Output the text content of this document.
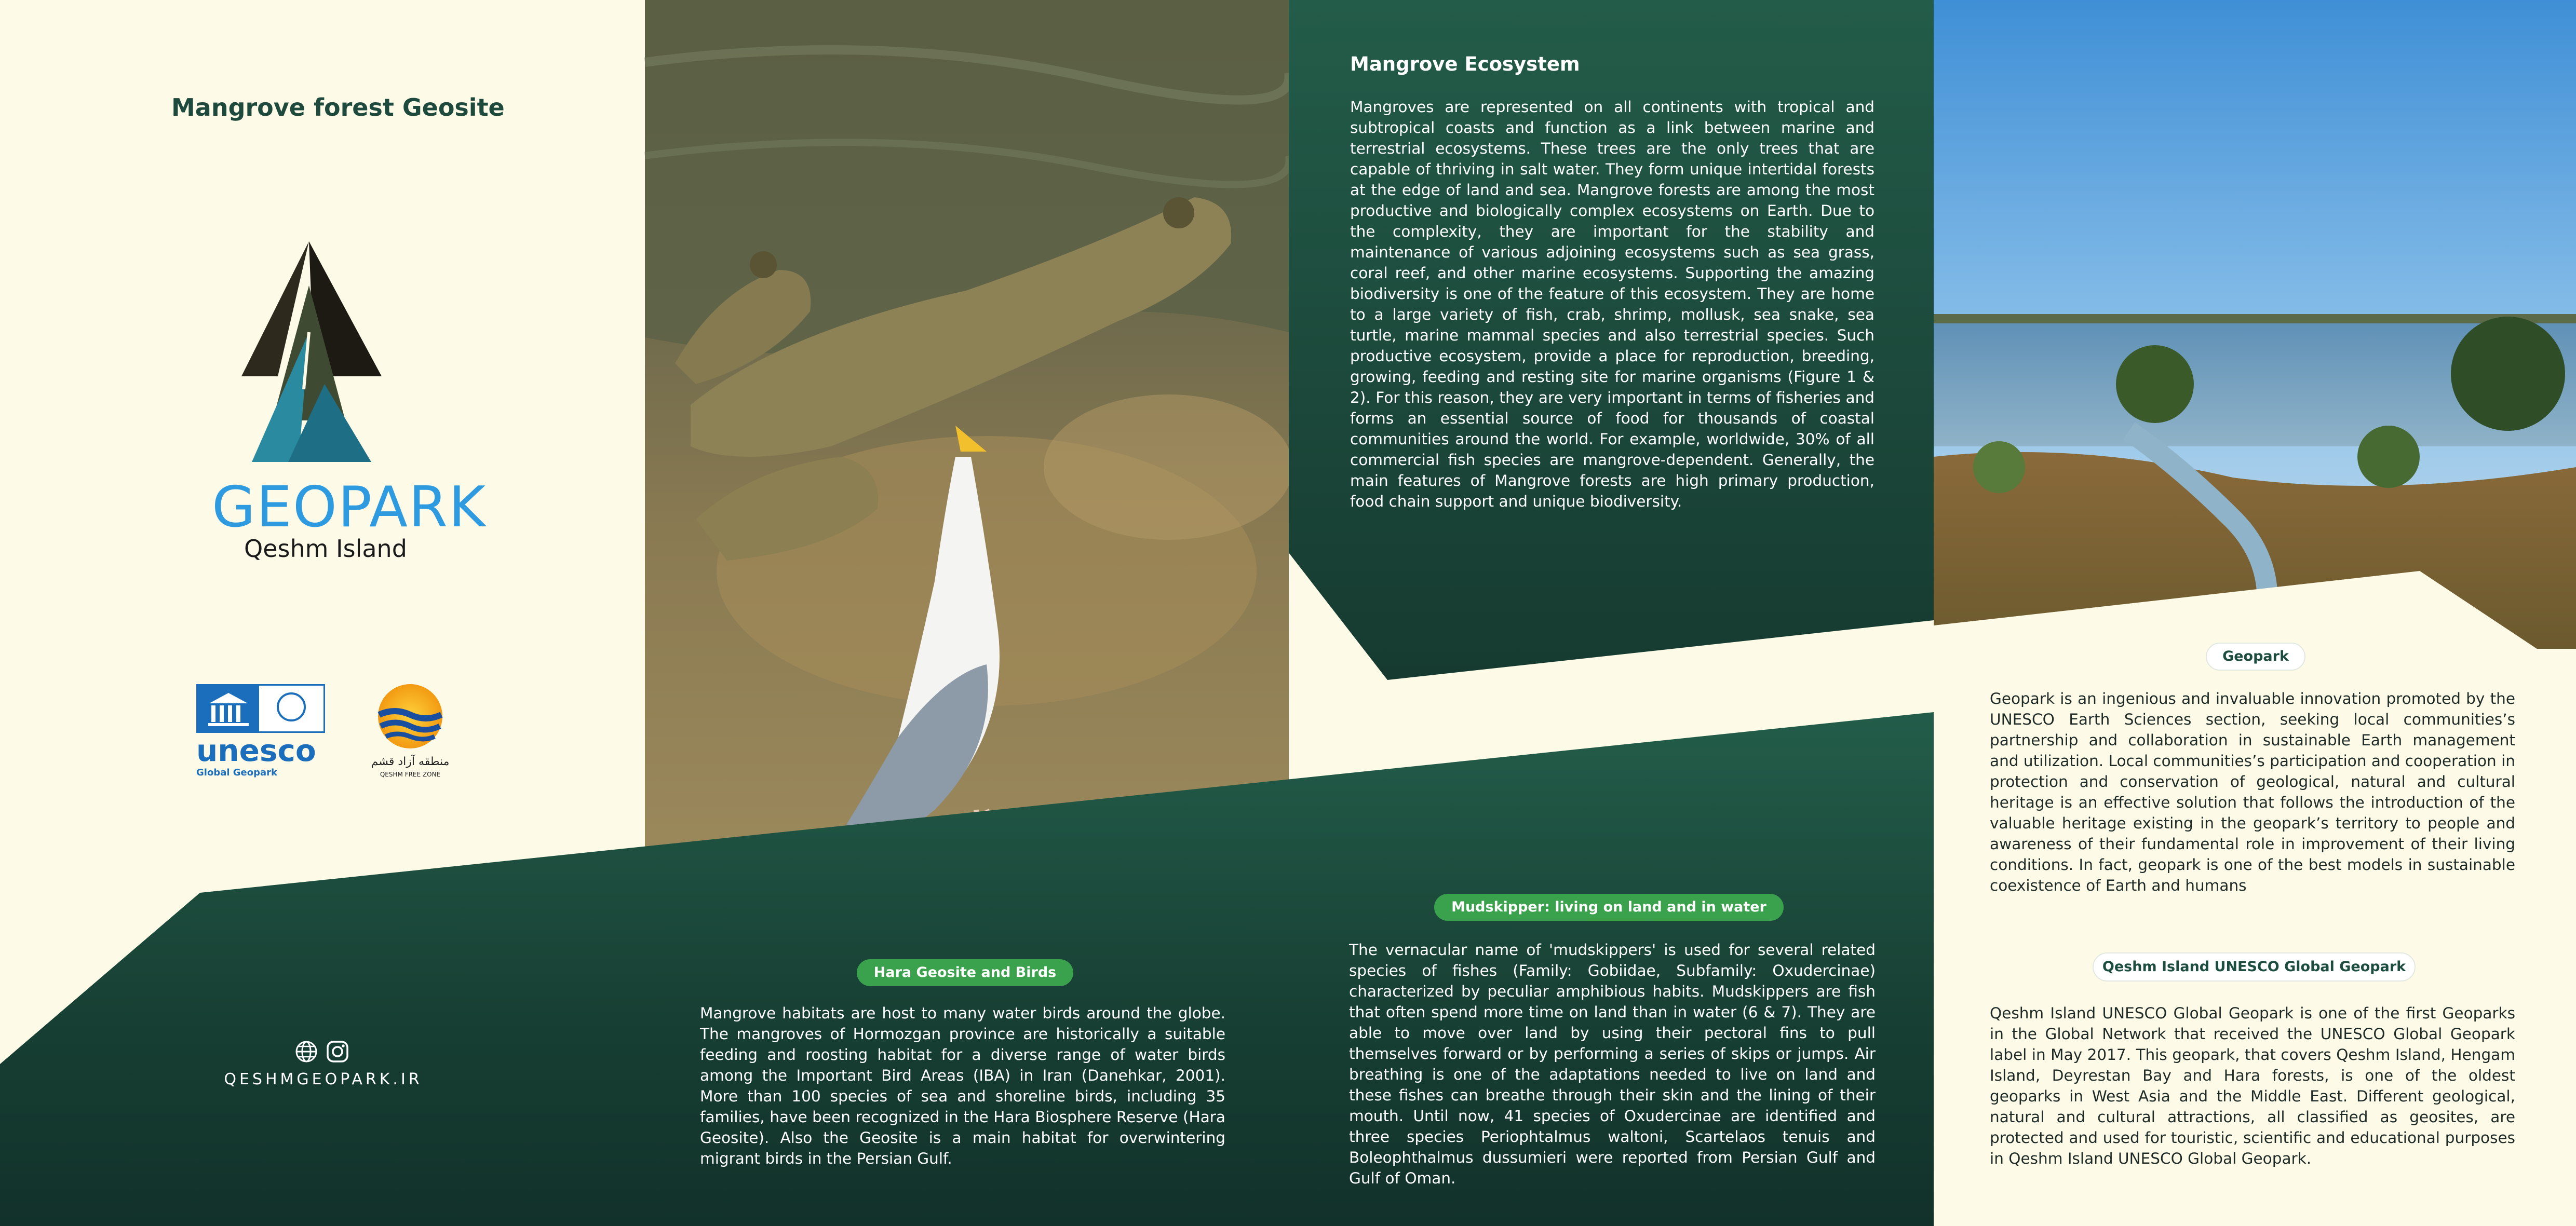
Mangrove forest Geosite
GEOPARK
Qeshm Island
unesco
Global Geopark
منطقه آزاد قشم
QESHM FREE ZONE
QESHMGEOPARK.IR
Mangrove Ecosystem
Mangroves are represented on all continents with tropical and subtropical coasts and function as a link between marine and terrestrial ecosystems. These trees are the only trees that are capable of thriving in salt water. They form unique intertidal forests at the edge of land and sea. Mangrove forests are among the most productive and biologically complex ecosystems on Earth. Due to the complexity, they are important for the stability and maintenance of various adjoining ecosystems such as sea grass, coral reef, and other marine ecosystems. Supporting the amazing biodiversity is one of the feature of this ecosystem. They are home to a large variety of fish, crab, shrimp, mollusk, sea snake, sea turtle, marine mammal species and also terrestrial species. Such productive ecosystem, provide a place for reproduction, breeding, growing, feeding and resting site for marine organisms (Figure 1 & 2). For this reason, they are very important in terms of fisheries and forms an essential source of food for thousands of coastal communities around the world. For example, worldwide, 30% of all commercial fish species are mangrove-dependent. Generally, the main features of Mangrove forests are high primary production, food chain support and unique biodiversity.
Hara Geosite and Birds
Mangrove habitats are host to many water birds around the globe. The mangroves of Hormozgan province are historically a suitable feeding and roosting habitat for a diverse range of water birds among the Important Bird Areas (IBA) in Iran (Danehkar, 2001). More than 100 species of sea and shoreline birds, including 35 families, have been recognized in the Hara Biosphere Reserve (Hara Geosite). Also the Geosite is a main habitat for overwintering migrant birds in the Persian Gulf.
Mudskipper: living on land and in water
The vernacular name of 'mudskippers' is used for several related species of fishes (Family: Gobiidae, Subfamily: Oxudercinae) characterized by peculiar amphibious habits. Mudskippers are fish that often spend more time on land than in water (6 & 7). They are able to move over land by using their pectoral fins to pull themselves forward or by performing a series of skips or jumps. Air breathing is one of the adaptations needed to live on land and these fishes can breathe through their skin and the lining of their mouth. Until now, 41 species of Oxudercinae are identified and three species Periophtalmus waltoni, Scartelaos tenuis and Boleophthalmus dussumieri were reported from Persian Gulf and Gulf of Oman.
Geopark
Geopark is an ingenious and invaluable innovation promoted by the UNESCO Earth Sciences section, seeking local communities’s partnership and collaboration in sustainable Earth management and utilization. Local communities’s participation and cooperation in protection and conservation of geological, natural and cultural heritage is an effective solution that follows the introduction of the valuable heritage existing in the geopark’s territory to people and awareness of their fundamental role in improvement of their living conditions. In fact, geopark is one of the best models in sustainable coexistence of Earth and humans
Qeshm Island UNESCO Global Geopark
Qeshm Island UNESCO Global Geopark is one of the first Geoparks in the Global Network that received the UNESCO Global Geopark label in May 2017. This geopark, that covers Qeshm Island, Hengam Island, Deyrestan Bay and Hara forests, is one of the oldest geoparks in West Asia and the Middle East. Different geological, natural and cultural attractions, all classified as geosites, are protected and used for touristic, scientific and educational purposes in Qeshm Island UNESCO Global Geopark.
